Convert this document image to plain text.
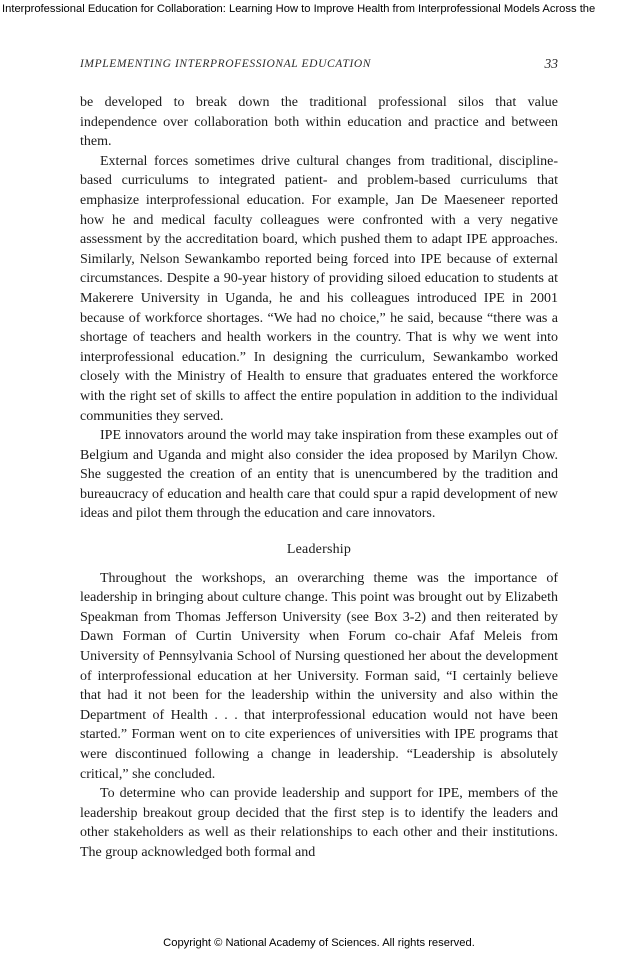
Interprofessional Education for Collaboration: Learning How to Improve Health from Interprofessional Models Across the
IMPLEMENTING INTERPROFESSIONAL EDUCATION	33

be developed to break down the traditional professional silos that value independence over collaboration both within education and practice and between them.

External forces sometimes drive cultural changes from traditional, discipline-based curriculums to integrated patient- and problem-based curriculums that emphasize interprofessional education. For example, Jan De Maeseneer reported how he and medical faculty colleagues were confronted with a very negative assessment by the accreditation board, which pushed them to adapt IPE approaches. Similarly, Nelson Sewankambo reported being forced into IPE because of external circumstances. Despite a 90-year history of providing siloed education to students at Makerere University in Uganda, he and his colleagues introduced IPE in 2001 because of workforce shortages. “We had no choice,” he said, because “there was a shortage of teachers and health workers in the country. That is why we went into interprofessional education.” In designing the curriculum, Sewankambo worked closely with the Ministry of Health to ensure that graduates entered the workforce with the right set of skills to affect the entire population in addition to the individual communities they served.

IPE innovators around the world may take inspiration from these examples out of Belgium and Uganda and might also consider the idea proposed by Marilyn Chow. She suggested the creation of an entity that is unencumbered by the tradition and bureaucracy of education and health care that could spur a rapid development of new ideas and pilot them through the education and care innovators.

Leadership

Throughout the workshops, an overarching theme was the importance of leadership in bringing about culture change. This point was brought out by Elizabeth Speakman from Thomas Jefferson University (see Box 3-2) and then reiterated by Dawn Forman of Curtin University when Forum co-chair Afaf Meleis from University of Pennsylvania School of Nursing questioned her about the development of interprofessional education at her University. Forman said, “I certainly believe that had it not been for the leadership within the university and also within the Department of Health . . . that interprofessional education would not have been started.” Forman went on to cite experiences of universities with IPE programs that were discontinued following a change in leadership. “Leadership is absolutely critical,” she concluded.

To determine who can provide leadership and support for IPE, members of the leadership breakout group decided that the first step is to identify the leaders and other stakeholders as well as their relationships to each other and their institutions. The group acknowledged both formal and

Copyright © National Academy of Sciences. All rights reserved.
